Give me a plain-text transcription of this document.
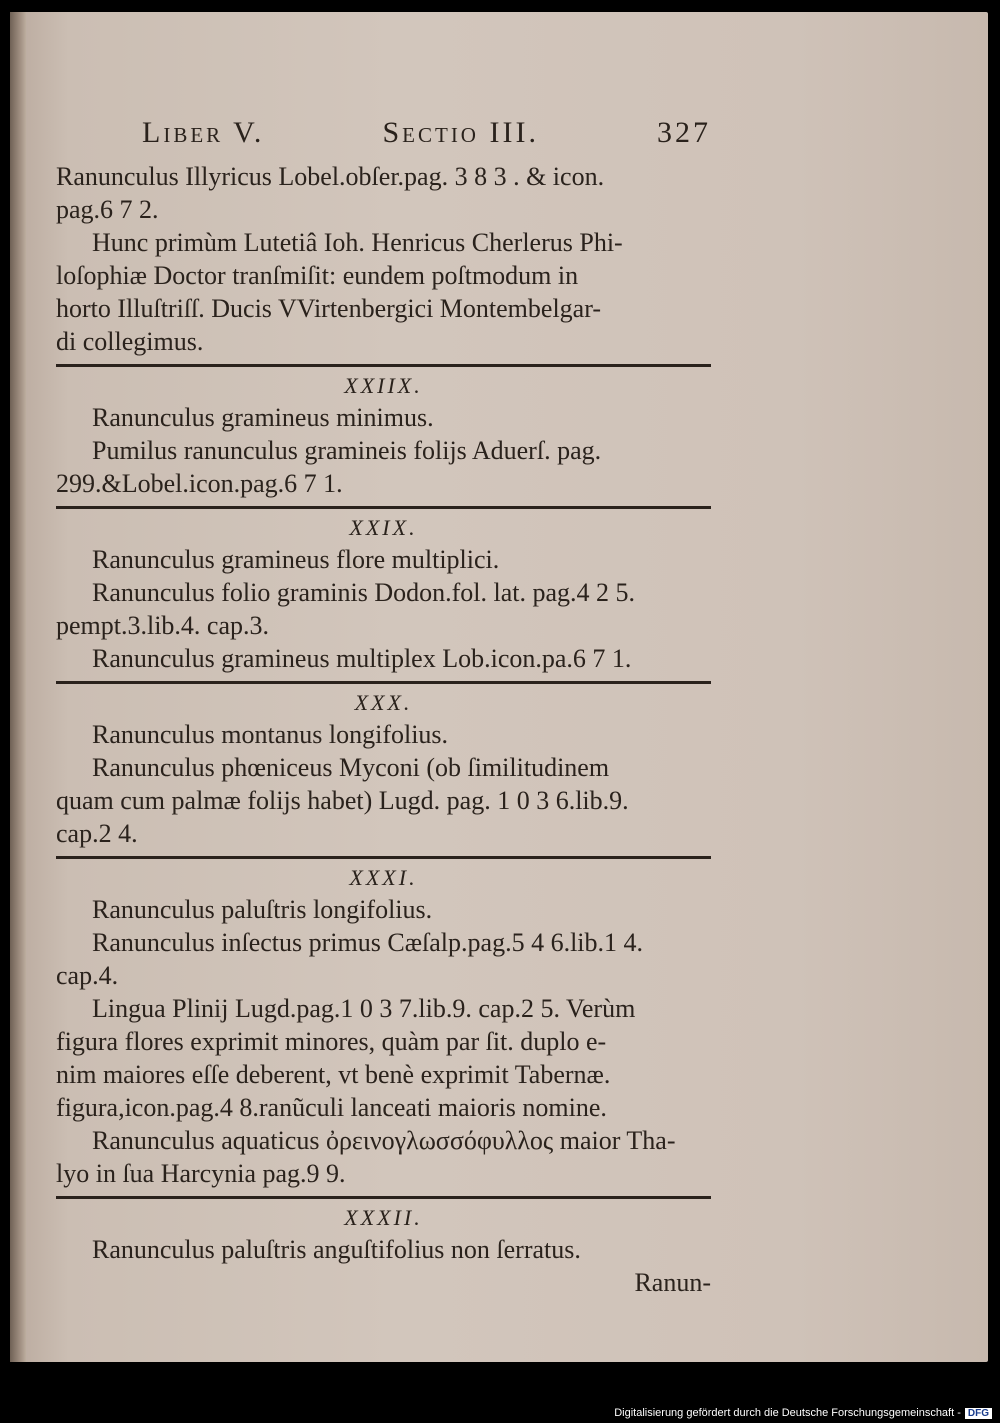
Liber V.	Sectio III.	327
Ranunculus Illyricus Lobel.obſer.pag. 3 8 3 . & icon.
pag.6 7 2.
Hunc primùm Lutetiâ Ioh. Henricus Cherlerus Phi-
loſophiæ Doctor tranſmiſit: eundem poſtmodum in
horto Illuſtriſſ. Ducis VVirtenbergici Montembelgar-
di collegimus.
XXIIX.
Ranunculus gramineus minimus.
Pumilus ranunculus gramineis folijs Aduerſ. pag.
299.&Lobel.icon.pag.6 7 1.
XXIX.
Ranunculus gramineus flore multiplici.
Ranunculus folio graminis Dodon.fol. lat. pag.4 2 5.
pempt.3.lib.4. cap.3.
Ranunculus gramineus multiplex Lob.icon.pa.6 7 1.
XXX.
Ranunculus montanus longifolius.
Ranunculus phœniceus Myconi (ob ſimilitudinem
quam cum palmæ folijs habet) Lugd. pag. 1 0 3 6.lib.9.
cap.2 4.
XXXI.
Ranunculus paluſtris longifolius.
Ranunculus inſectus primus Cæſalp.pag.5 4 6.lib.1 4.
cap.4.
Lingua Plinij Lugd.pag.1 0 3 7.lib.9. cap.2 5. Verùm
figura flores exprimit minores, quàm par ſit. duplo e-
nim maiores eſſe deberent, vt benè exprimit Tabernæ.
figura,icon.pag.4 8.ranũculi lanceati maioris nomine.
Ranunculus aquaticus ὀρεινογλωσσόφυλλος maior Tha-
lyo in ſua Harcynia pag.9 9.
XXXII.
Ranunculus paluſtris anguſtifolius non ſerratus.
Ranun-
Digitalisierung gefördert durch die Deutsche Forschungsgemeinschaft - DFG
